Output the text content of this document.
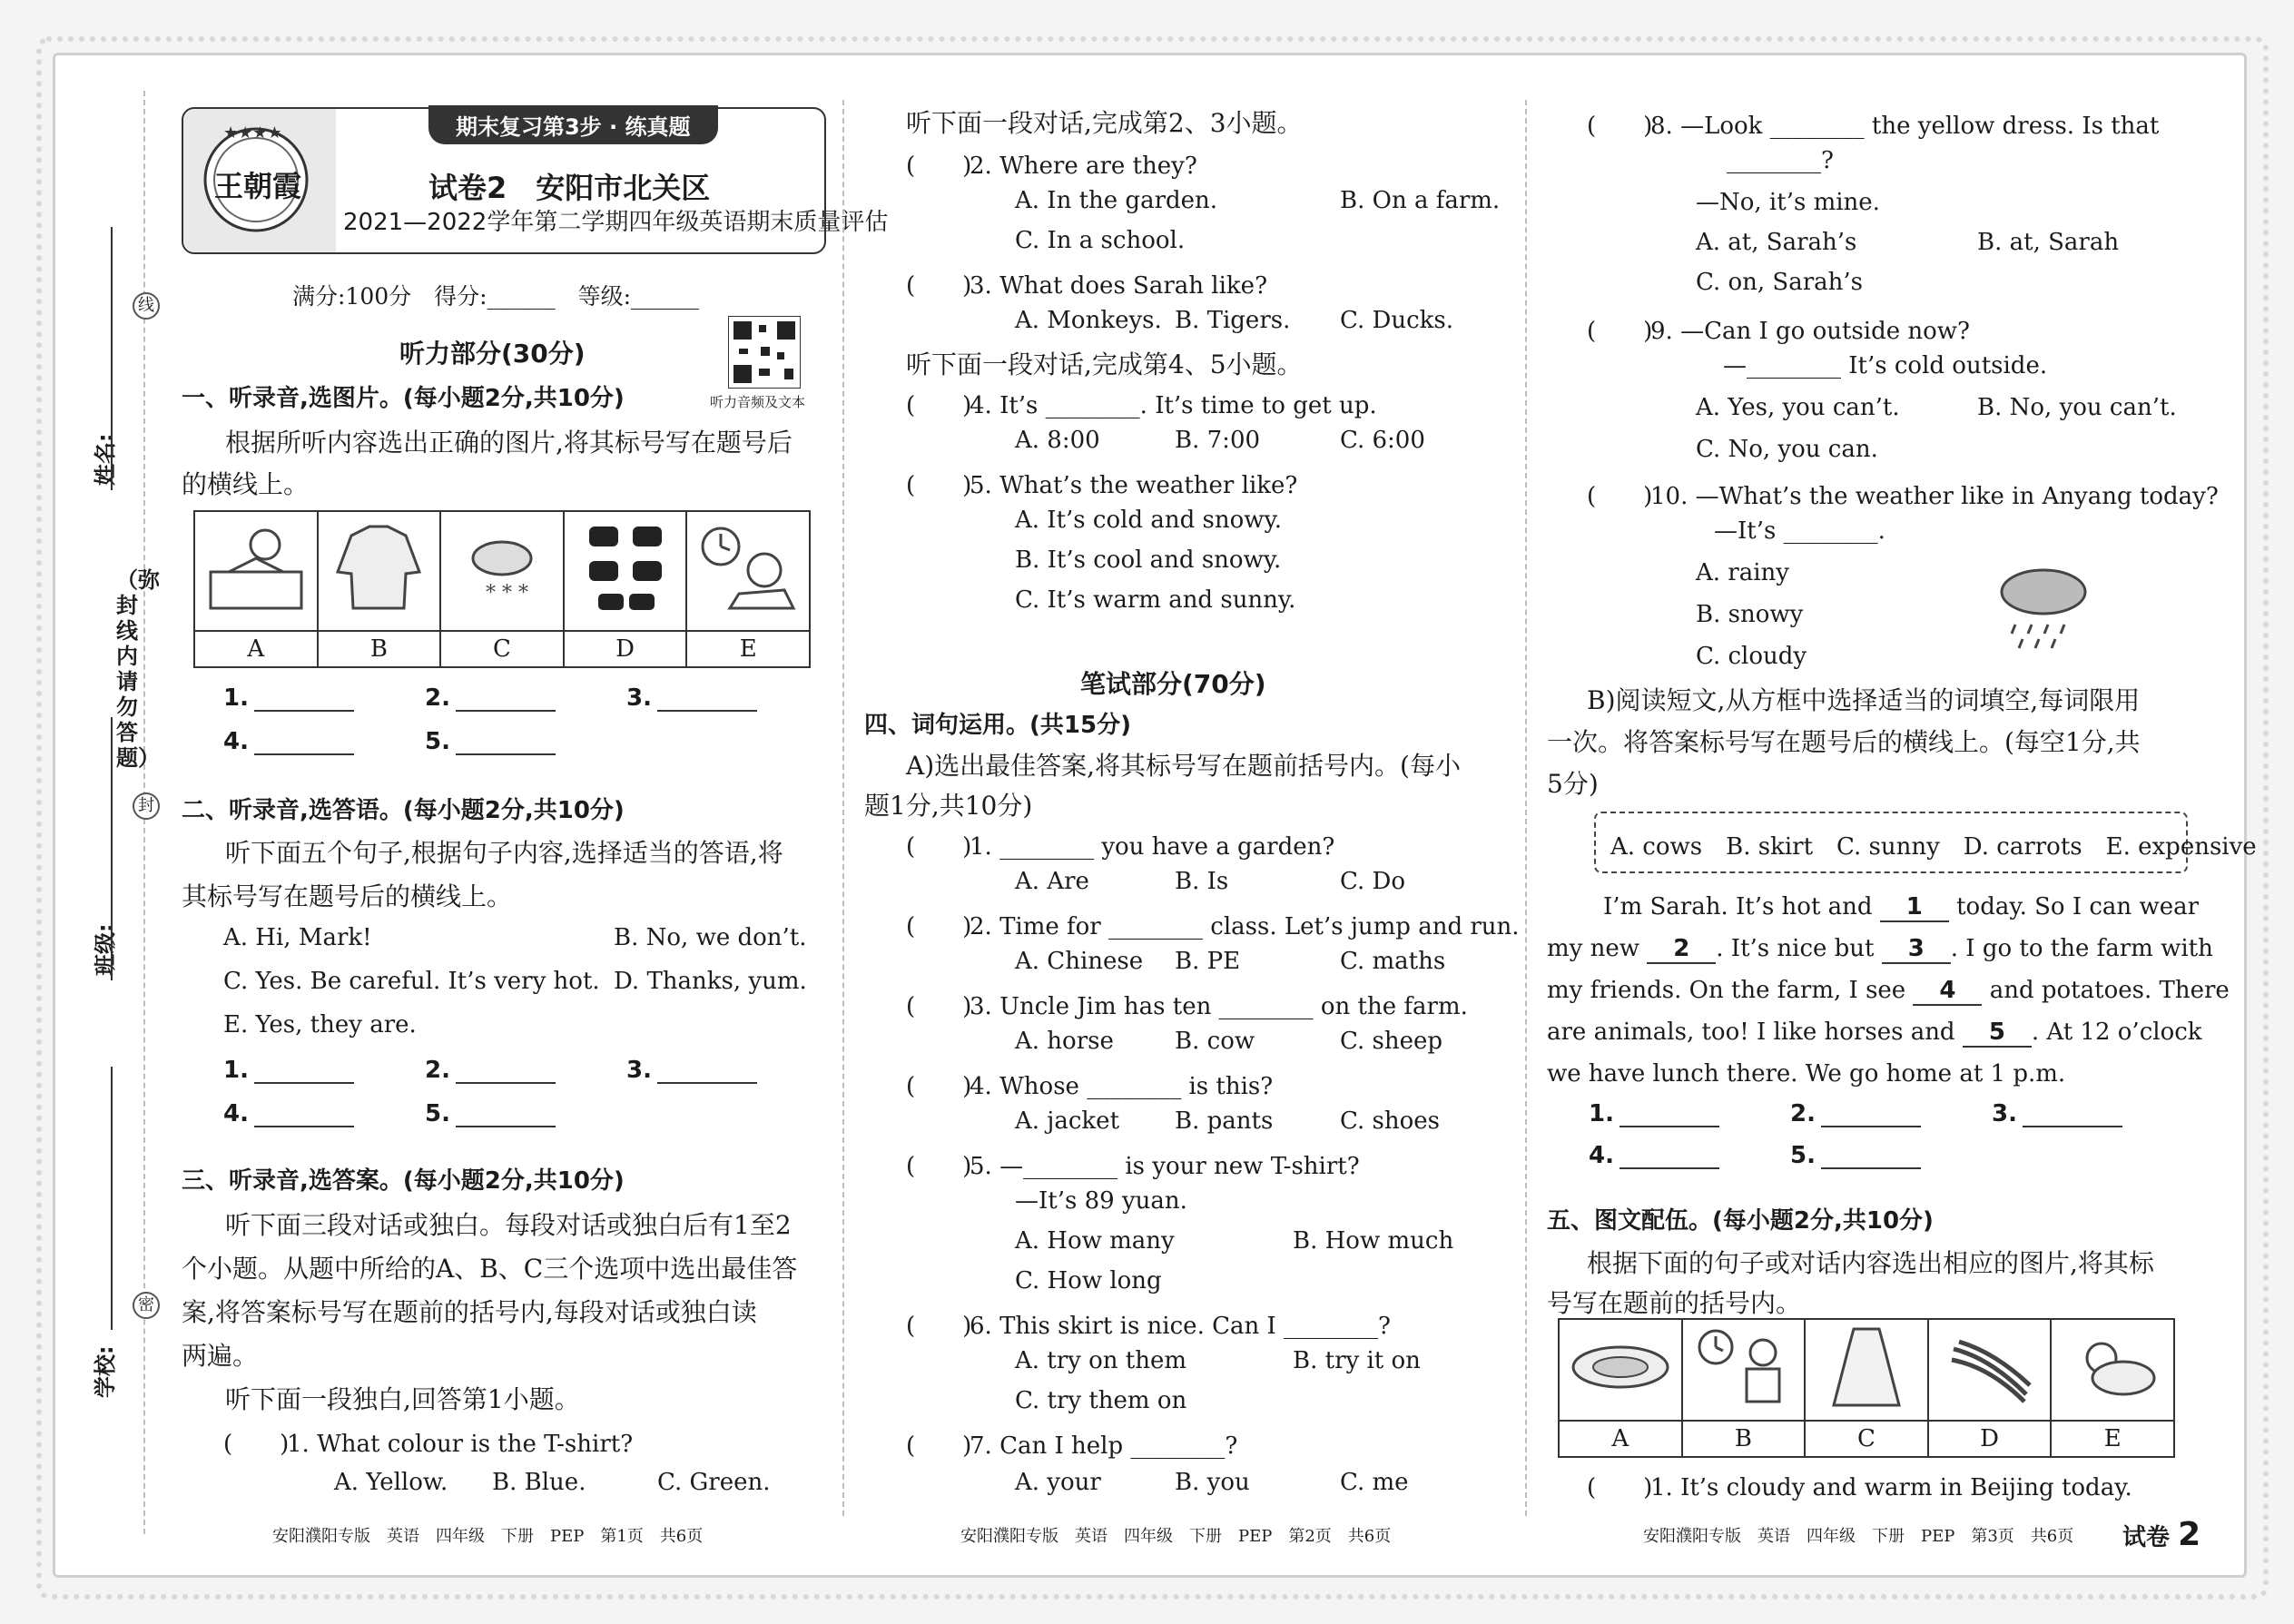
线
封
密
（弥封线内请勿答题）
姓名:
班级:
学校:
★★★★
王朝霞
期末复习第3步 · 练真题
试卷2　安阳市北关区
2021—2022学年第二学期四年级英语期末质量评估
满分:100分　得分:______　等级:______
听力音频及文本
听力部分(30分)
一、听录音,选图片。(每小题2分,共10分)
根据所听内容选出正确的图片,将其标号写在题号后
的横线上。

* * *

A	B	C	D	E
1.	2.	3.
4.	5.
二、听录音,选答语。(每小题2分,共10分)
听下面五个句子,根据句子内容,选择适当的答语,将
其标号写在题号后的横线上。
A. Hi, Mark!	B. No, we don’t.
C. Yes. Be careful. It’s very hot. D. Thanks, yum.
E. Yes, they are.
1.	2.	3.
4.	5.
三、听录音,选答案。(每小题2分,共10分)
听下面三段对话或独白。每段对话或独白后有1至2
个小题。从题中所给的A、B、C三个选项中选出最佳答
案,将答案标号写在题前的括号内,每段对话或独白读
两遍。
听下面一段独白,回答第1小题。
(　　)1. What colour is the T-shirt?
A. Yellow. B. Blue.	C. Green.
安阳濮阳专版　英语　四年级　下册　PEP　第1页　共6页
听下面一段对话,完成第2、3小题。
(　　)2. Where are they?
A. In the garden.	B. On a farm.
C. In a school.
(　　)3. What does Sarah like?
A. Monkeys. B. Tigers. C. Ducks.
听下面一段对话,完成第4、5小题。
(　　)4. It’s ________. It’s time to get up.
A. 8:00	B. 7:00	C. 6:00
(　　)5. What’s the weather like?
A. It’s cold and snowy.
B. It’s cool and snowy.
C. It’s warm and sunny.
笔试部分(70分)
四、词句运用。(共15分)
A)选出最佳答案,将其标号写在题前括号内。(每小
题1分,共10分)
(　　)1. ________ you have a garden?
A. Are	B. Is	C. Do
(　　)2. Time for ________ class. Let’s jump and run.
A. Chinese B. PE	C. maths
(　　)3. Uncle Jim has ten ________ on the farm.
A. horse	B. cow	C. sheep
(　　)4. Whose ________ is this?
A. jacket B. pants	C. shoes
(　　)5. —________ is your new T-shirt?
—It’s 89 yuan.
A. How many	B. How much
C. How long
(　　)6. This skirt is nice. Can I ________?
A. try on them	B. try it on
C. try them on
(　　)7. Can I help ________?
A. your	B. you	C. me
安阳濮阳专版　英语　四年级　下册　PEP　第2页　共6页
(　　)8. —Look ________ the yellow dress. Is that
________?
—No, it’s mine.
A. at, Sarah’s	B. at, Sarah
C. on, Sarah’s
(　　)9. —Can I go outside now?
—________ It’s cold outside.
A. Yes, you can’t.	B. No, you can’t.
C. No, you can.
(　　)10. —What’s the weather like in Anyang today?
—It’s ________.
A. rainy
B. snowy
C. cloudy
B)阅读短文,从方框中选择适当的词填空,每词限用
一次。将答案标号写在题号后的横线上。(每空1分,共
5分)
A. cows　B. skirt　C. sunny　D. carrots　E. expensive
I’m Sarah. It’s hot and 1 today. So I can wear
my new 2 . It’s nice but 3 . I go to the farm with
my friends. On the farm, I see 4 and potatoes. There
are animals, too! I like horses and 5 . At 12 o’clock
we have lunch there. We go home at 1 p.m.
1.	2.	3.
4.	5.
五、图文配伍。(每小题2分,共10分)
根据下面的句子或对话内容选出相应的图片,将其标
号写在题前的括号内。

A	B	C	D	E
(　　)1. It’s cloudy and warm in Beijing today.
安阳濮阳专版　英语　四年级　下册　PEP　第3页　共6页 试卷 2
